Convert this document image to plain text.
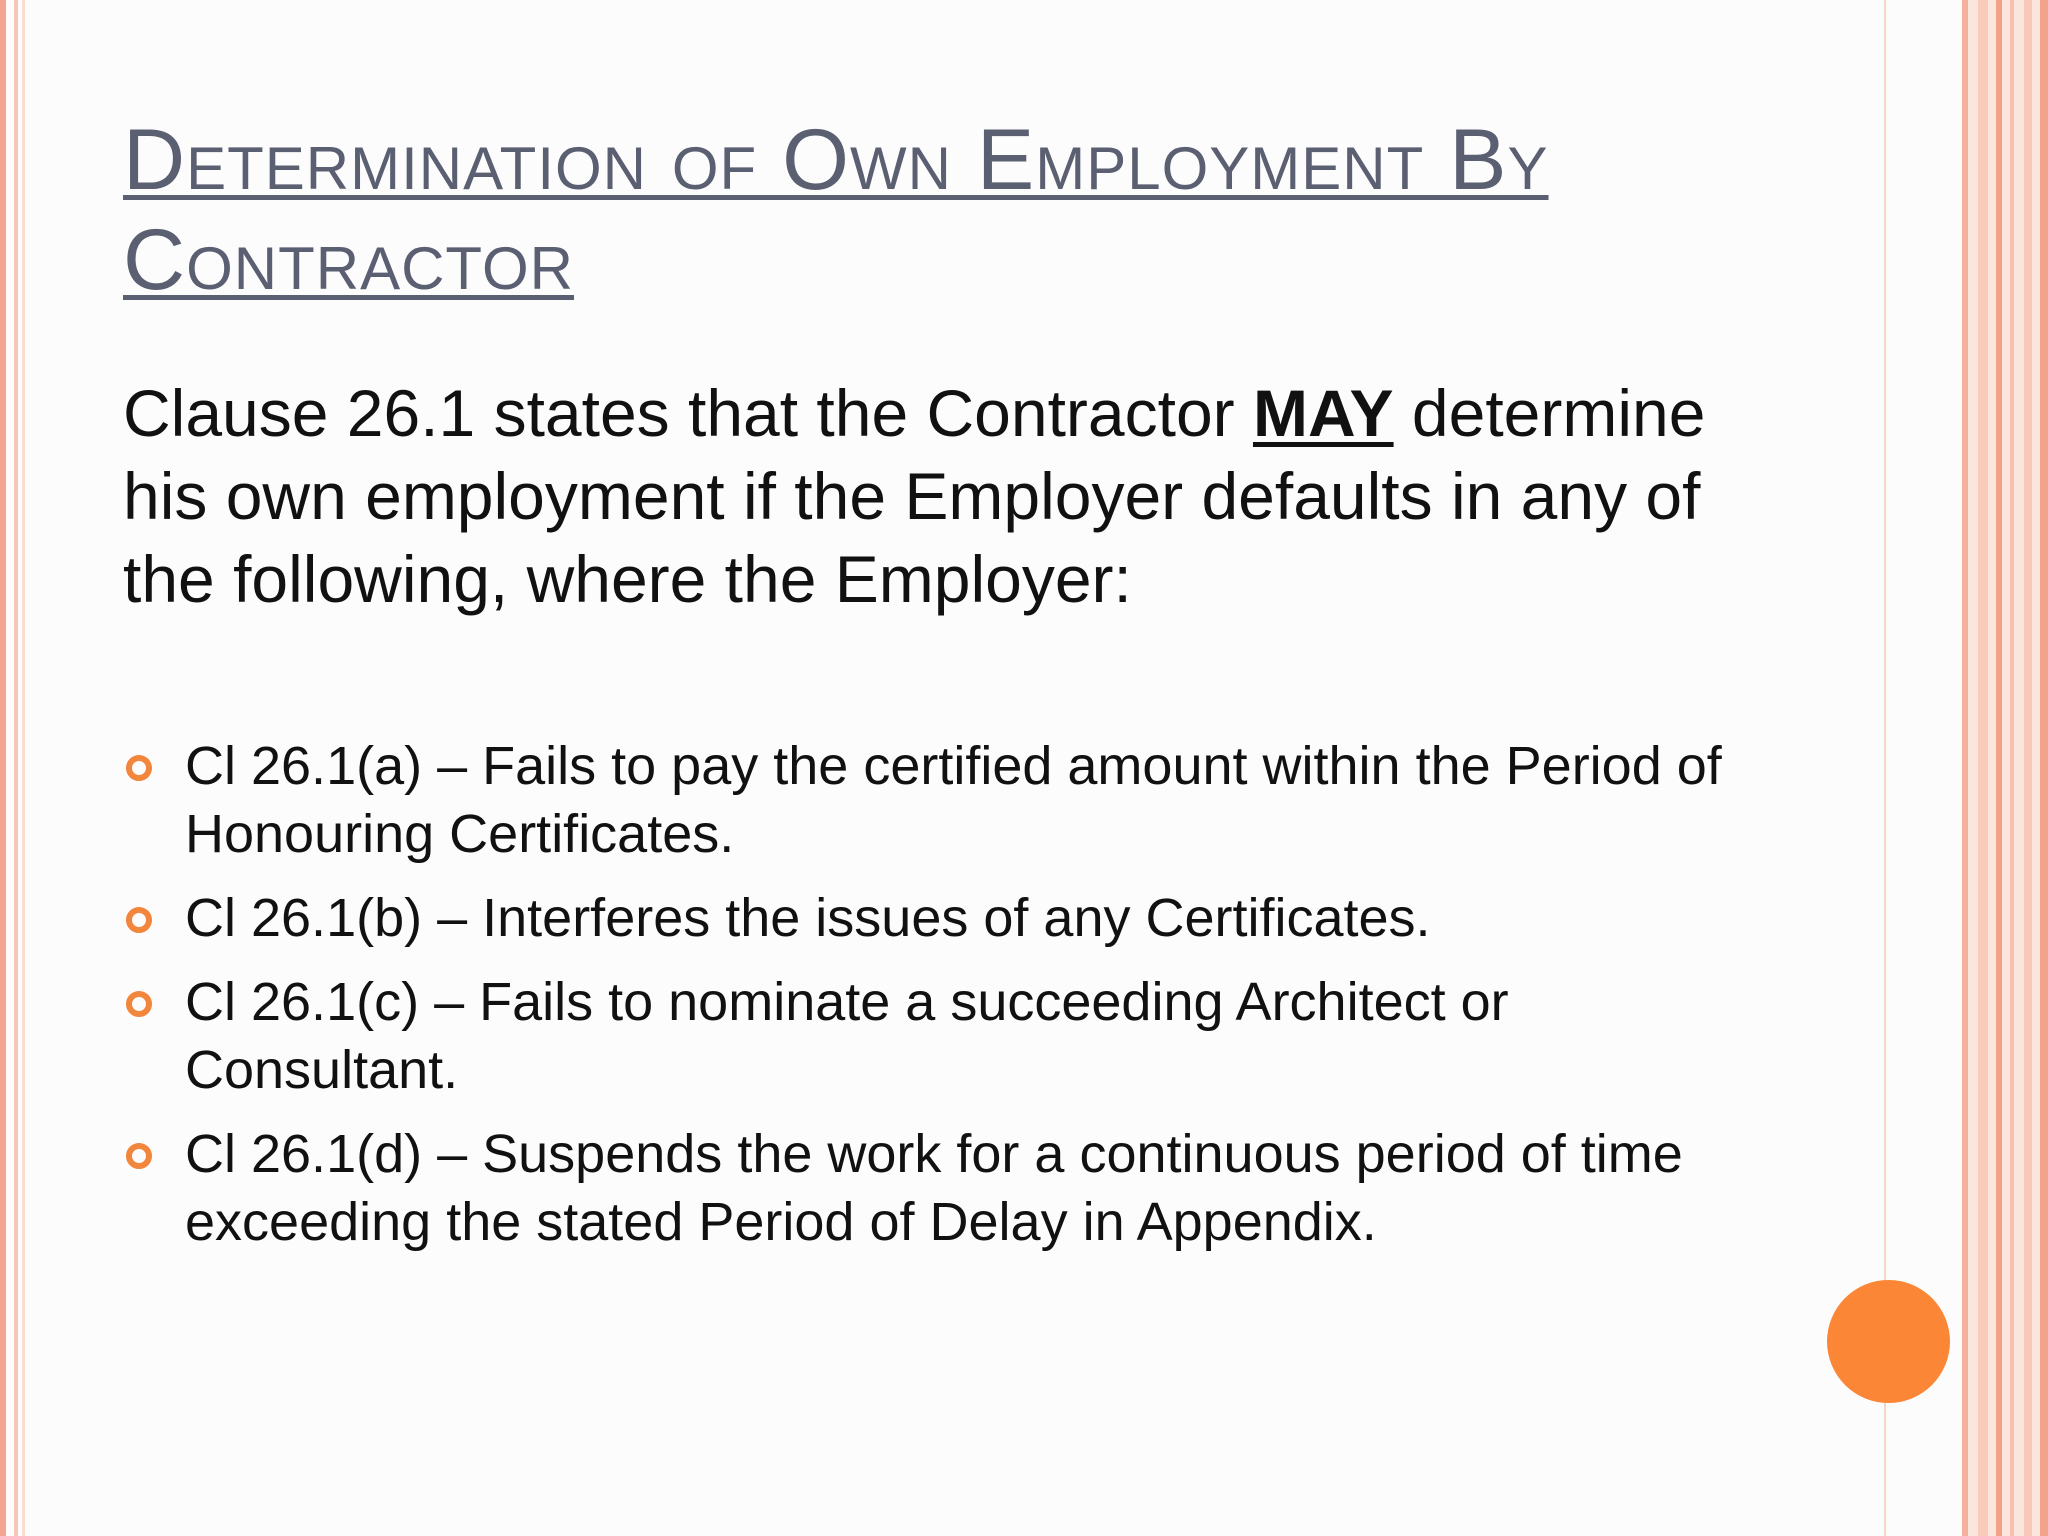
Determination of Own Employment By
Contractor

Clause 26.1 states that the Contractor MAY determine his own employment if the Employer defaults in any of the following, where the Employer:

Cl 26.1(a) – Fails to pay the certified amount within the Period of Honouring Certificates.
Cl 26.1(b) – Interferes the issues of any Certificates.
Cl 26.1(c) – Fails to nominate a succeeding Architect or Consultant.
Cl 26.1(d) – Suspends the work for a continuous period of time exceeding the stated Period of Delay in Appendix.
